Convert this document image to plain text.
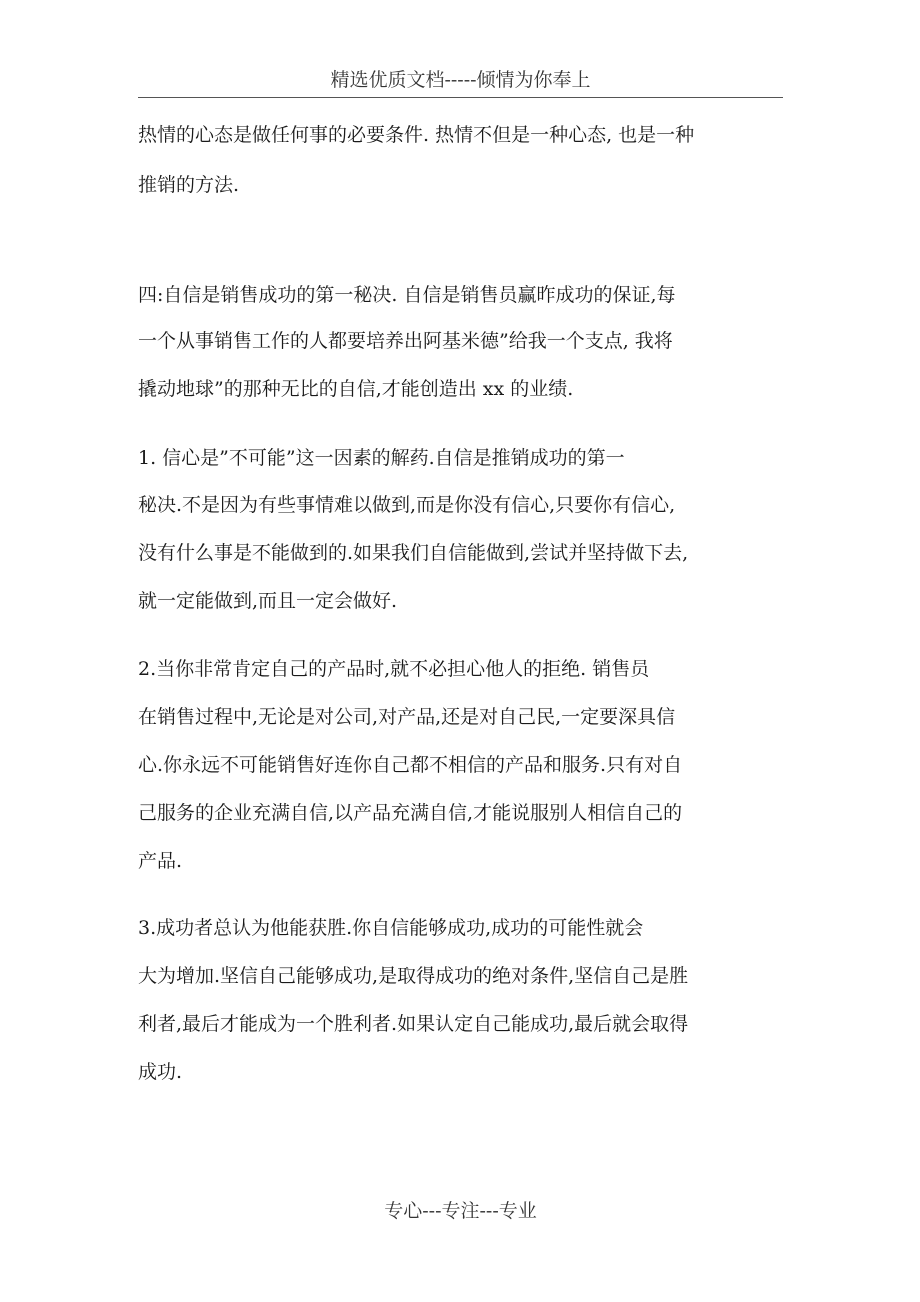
精选优质文档-----倾情为你奉上
热情的心态是做任何事的必要条件. 热情不但是一种心态, 也是一种
推销的方法.
四:自信是销售成功的第一秘决. 自信是销售员赢昨成功的保证,每
一个从事销售工作的人都要培养出阿基米德”给我一个支点, 我将
撬动地球”的那种无比的自信,才能创造出 xx 的业绩.
1. 信心是”不可能”这一因素的解药.自信是推销成功的第一
秘决.不是因为有些事情难以做到,而是你没有信心,只要你有信心,
没有什么事是不能做到的.如果我们自信能做到,尝试并坚持做下去,
就一定能做到,而且一定会做好.
2.当你非常肯定自己的产品时,就不必担心他人的拒绝. 销售员
在销售过程中,无论是对公司,对产品,还是对自己民,一定要深具信
心.你永远不可能销售好连你自己都不相信的产品和服务.只有对自
己服务的企业充满自信,以产品充满自信,才能说服别人相信自己的
产品.
3.成功者总认为他能获胜.你自信能够成功,成功的可能性就会
大为增加.坚信自己能够成功,是取得成功的绝对条件,坚信自己是胜
利者,最后才能成为一个胜利者.如果认定自己能成功,最后就会取得
成功.
专心---专注---专业
